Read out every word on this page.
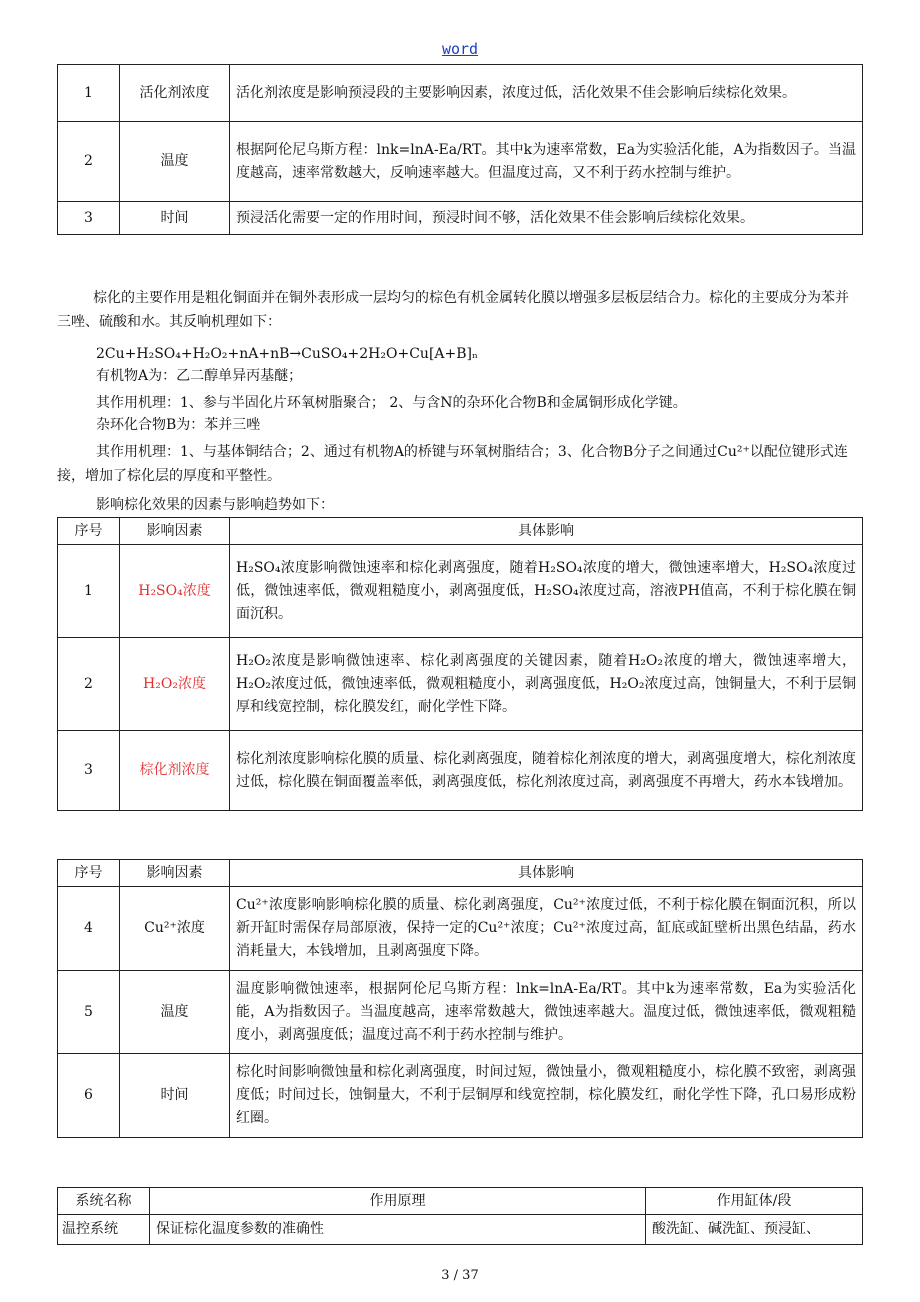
word
1	活化剂浓度	活化剂浓度是影响预浸段的主要影响因素，浓度过低，活化效果不佳会影响后续棕化效果。
2	温度	根据阿伦尼乌斯方程：lnk=lnA-Ea/RT。其中k为速率常数，Ea为实验活化能，A为指数因子。当温度越高，速率常数越大，反响速率越大。但温度过高，又不利于药水控制与维护。
3	时间	预浸活化需要一定的作用时间，预浸时间不够，活化效果不佳会影响后续棕化效果。
棕化的主要作用是粗化铜面并在铜外表形成一层均匀的棕色有机金属转化膜以增强多层板层结合力。棕化的主要成分为苯并三唑、硫酸和水。其反响机理如下：
2Cu+H₂SO₄+H₂O₂+nA+nB→CuSO₄+2H₂O+Cu[A+B]ₙ
有机物A为：乙二醇单异丙基醚；
其作用机理：1、参与半固化片环氧树脂聚合； 2、与含N的杂环化合物B和金属铜形成化学键。
杂环化合物B为：苯并三唑
其作用机理：1、与基体铜结合；2、通过有机物A的桥键与环氧树脂结合；3、化合物B分子之间通过Cu²⁺以配位键形式连接，增加了棕化层的厚度和平整性。
影响棕化效果的因素与影响趋势如下：
序号	影响因素	具体影响
1	H₂SO₄浓度	H₂SO₄浓度影响微蚀速率和棕化剥离强度，随着H₂SO₄浓度的增大，微蚀速率增大，H₂SO₄浓度过低，微蚀速率低，微观粗糙度小，剥离强度低，H₂SO₄浓度过高，溶液PH值高，不利于棕化膜在铜面沉积。
2	H₂O₂浓度	H₂O₂浓度是影响微蚀速率、棕化剥离强度的关键因素，随着H₂O₂浓度的增大，微蚀速率增大，H₂O₂浓度过低，微蚀速率低，微观粗糙度小，剥离强度低，H₂O₂浓度过高，蚀铜量大，不利于层铜厚和线宽控制，棕化膜发红，耐化学性下降。
3	棕化剂浓度	棕化剂浓度影响棕化膜的质量、棕化剥离强度，随着棕化剂浓度的增大，剥离强度增大，棕化剂浓度过低，棕化膜在铜面覆盖率低，剥离强度低，棕化剂浓度过高，剥离强度不再增大，药水本钱增加。
序号	影响因素	具体影响
4	Cu²⁺浓度	Cu²⁺浓度影响影响棕化膜的质量、棕化剥离强度，Cu²⁺浓度过低，不利于棕化膜在铜面沉积，所以新开缸时需保存局部原液，保持一定的Cu²⁺浓度；Cu²⁺浓度过高，缸底或缸壁析出黑色结晶，药水消耗量大，本钱增加，且剥离强度下降。
5	温度	温度影响微蚀速率，根据阿伦尼乌斯方程：lnk=lnA-Ea/RT。其中k为速率常数，Ea为实验活化能，A为指数因子。当温度越高，速率常数越大，微蚀速率越大。温度过低，微蚀速率低，微观粗糙度小，剥离强度低；温度过高不利于药水控制与维护。
6	时间	棕化时间影响微蚀量和棕化剥离强度，时间过短，微蚀量小，微观粗糙度小，棕化膜不致密，剥离强度低；时间过长，蚀铜量大，不利于层铜厚和线宽控制，棕化膜发红，耐化学性下降，孔口易形成粉红圈。
系统名称	作用原理	作用缸体/段
温控系统	保证棕化温度参数的准确性	酸洗缸、碱洗缸、预浸缸、
3 / 37
